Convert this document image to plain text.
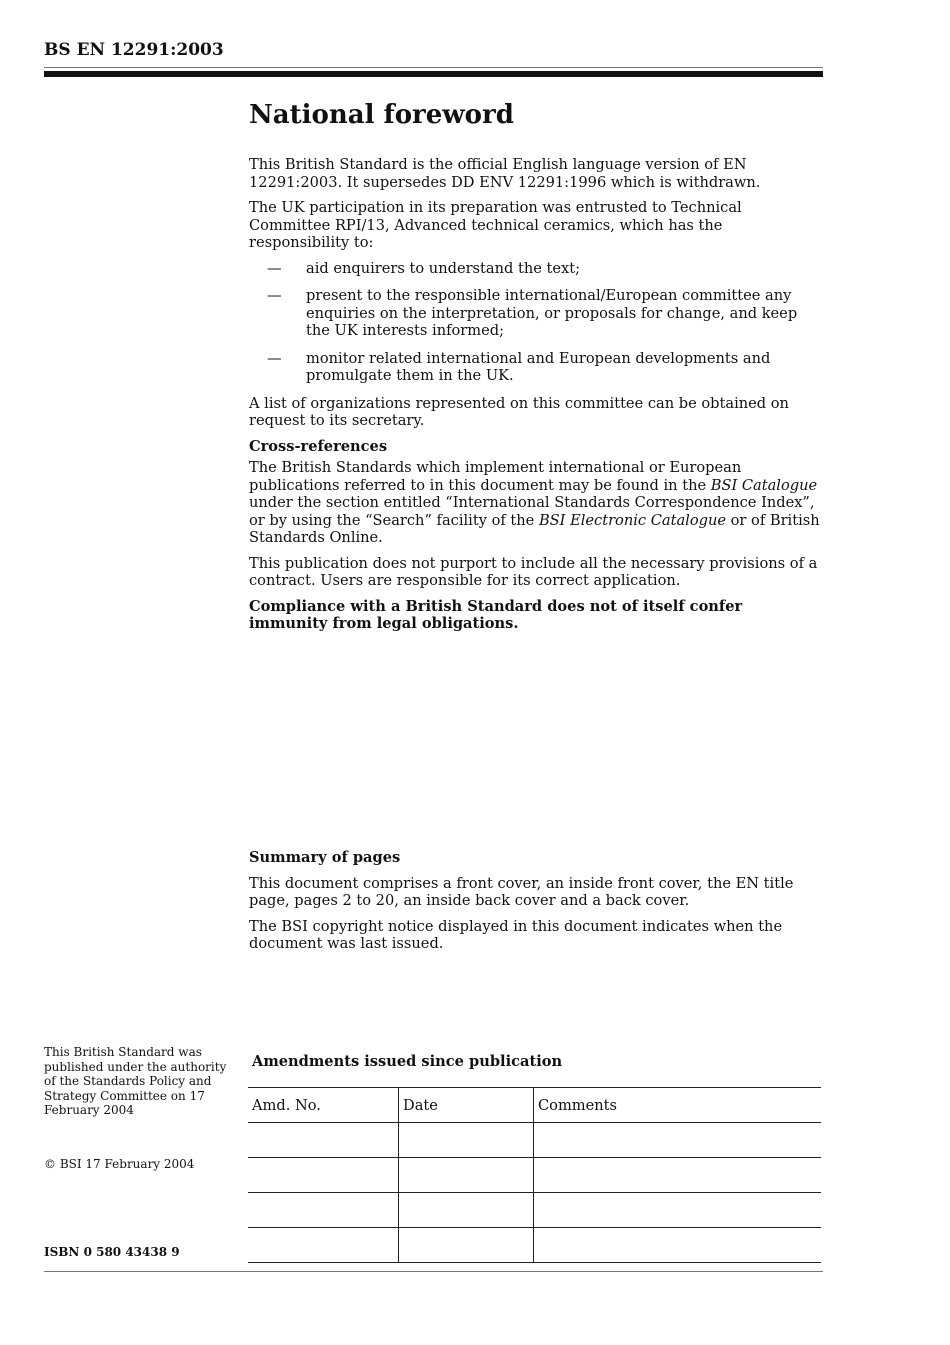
BS EN 12291:2003
National foreword

This British Standard is the official English language version of EN 12291:2003. It supersedes DD ENV 12291:1996 which is withdrawn.

The UK participation in its preparation was entrusted to Technical Committee RPI/13, Advanced technical ceramics, which has the responsibility to:

— aid enquirers to understand the text;
— present to the responsible international/European committee any enquiries on the interpretation, or proposals for change, and keep the UK interests informed;
— monitor related international and European developments and promulgate them in the UK.

A list of organizations represented on this committee can be obtained on request to its secretary.

Cross-references

The British Standards which implement international or European publications referred to in this document may be found in the BSI Catalogue under the section entitled “International Standards Correspondence Index”, or by using the “Search” facility of the BSI Electronic Catalogue or of British Standards Online.

This publication does not purport to include all the necessary provisions of a contract. Users are responsible for its correct application.

Compliance with a British Standard does not of itself confer immunity from legal obligations.

Summary of pages

This document comprises a front cover, an inside front cover, the EN title page, pages 2 to 20, an inside back cover and a back cover.

The BSI copyright notice displayed in this document indicates when the document was last issued.

This British Standard was published under the authority of the Standards Policy and Strategy Committee on 17 February 2004
© BSI 17 February 2004
ISBN 0 580 43438 9
Amendments issued since publication
Amd. No.	Date	Comments
